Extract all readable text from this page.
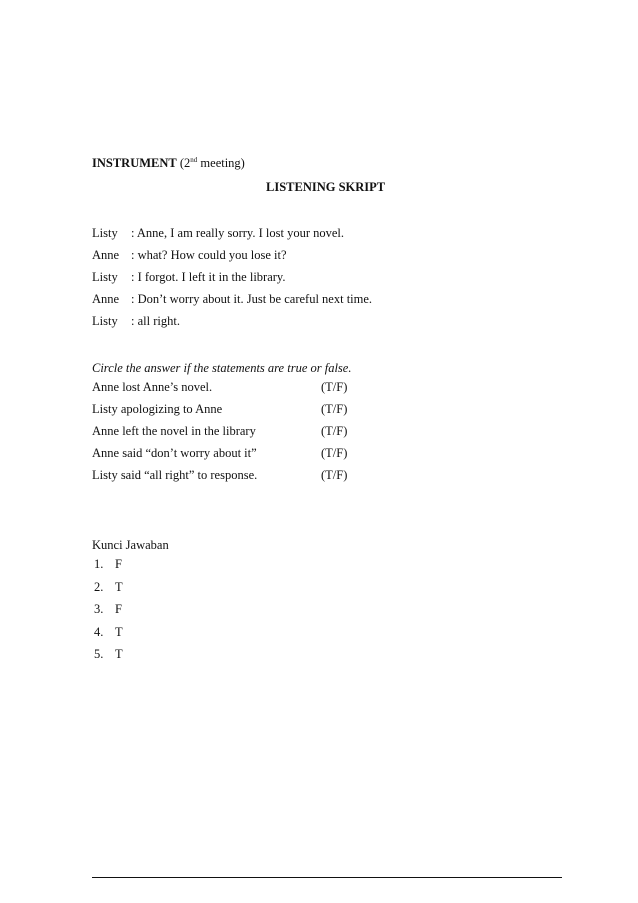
INSTRUMENT (2nd meeting)
LISTENING SKRIPT
Listy : Anne, I am really sorry. I lost your novel.
Anne : what? How could you lose it?
Listy : I forgot. I left it in the library.
Anne : Don’t worry about it. Just be careful next time.
Listy : all right.
Circle the answer if the statements are true or false.
Anne lost Anne’s novel.	(T/F)
Listy apologizing to Anne	(T/F)
Anne left the novel in the library	(T/F)
Anne said “don’t worry about it”	(T/F)
Listy said “all right” to response.	(T/F)
Kunci Jawaban
1. F
2. T
3. F
4. T
5. T
